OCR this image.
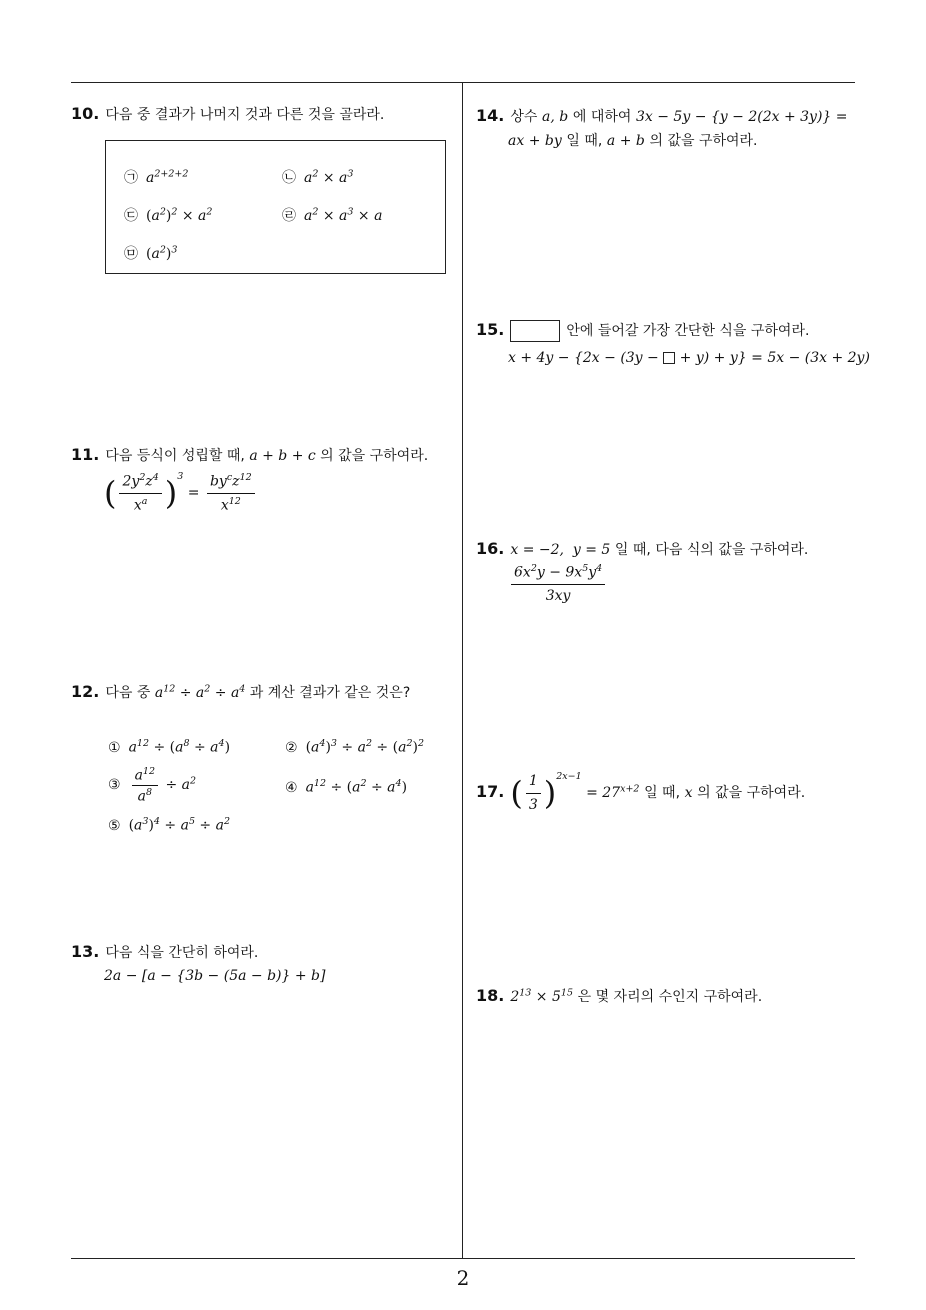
10. 다음 중 결과가 나머지 것과 다른 것을 골라라.
㉠ $a^{2+2+2}$	㉡ $a^2 \times a^3$
㉢ $(a^2)^2 \times a^2$	㉣ $a^2 \times a^3 \times a$
㉤ $(a^2)^3$
11. 다음 등식이 성립할 때, a + b + c 의 값을 구하여라.
( $\frac{2y^2z^4}{x^a} )^3 = \frac{by^cz^{12}}{x^{12}}$
12. 다음 중 $a^{12} \div a^2 \div a^4$ 과 계산 결과가 같은 것은?
① $a^{12} \div (a^8 \div a^4)$	② $(a^4)^3 \div a^2 \div (a^2)^2$
③ $\frac{a^{12}}{a^8} \div a^2$	④ $a^{12} \div (a^2 \div a^4)$
⑤ $(a^3)^4 \div a^5 \div a^2$
13. 다음 식을 간단히 하여라.
2a − [a − {3b − (5a − b)} + b]
14. 상수 a, b 에 대하여 3x − 5y − {y − 2(2x + 3y)} =
ax + by 일 때, a + b 의 값을 구하여라.
15.	안에 들어갈 가장 간단한 식을 구하여라.
x + 4y − {2x − (3y −  + y) + y} = 5x − (3x + 2y)
16. x = −2,  y = 5 일 때, 다음 식의 값을 구하여라.
$\frac{6x^2y - 9x^5y^4}{3xy}$
17. ( $\frac{1}{3} )^{2x-1} = 27^{x+2}$ 일 때, x 의 값을 구하여라.
18. $2^{13} \times 5^{15}$ 은 몇 자리의 수인지 구하여라.
2
